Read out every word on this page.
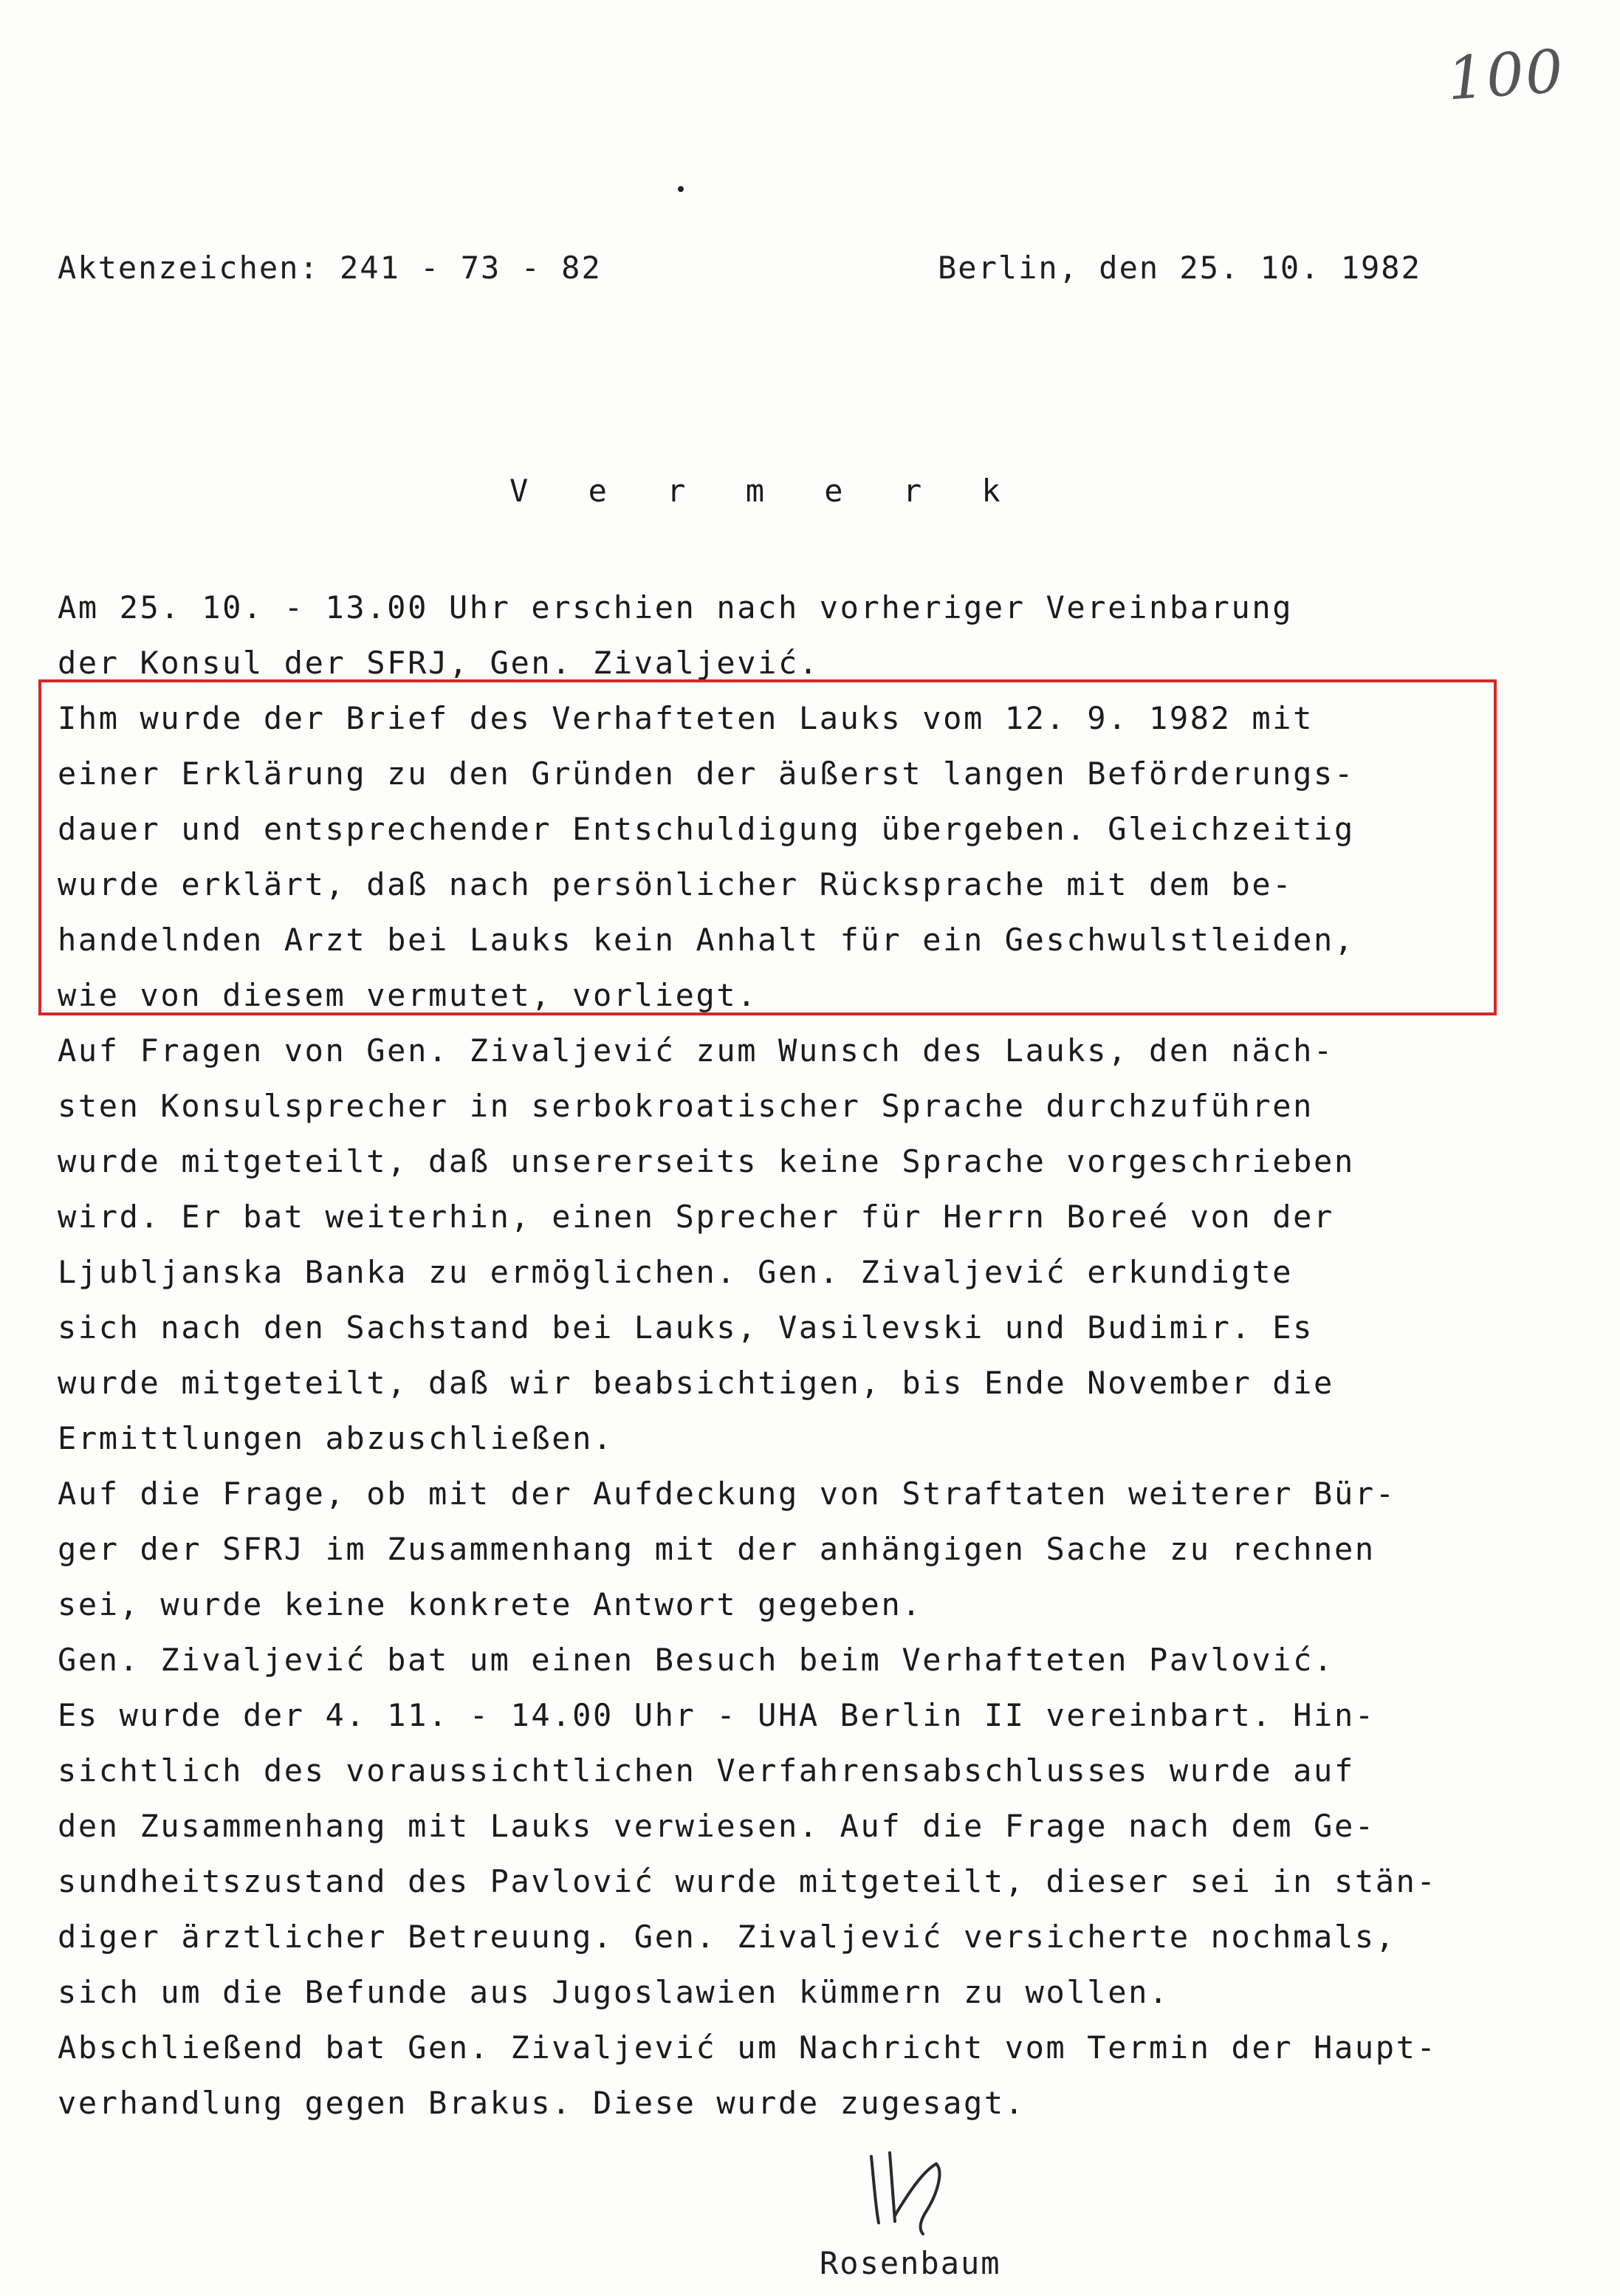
100
Aktenzeichen: 241 - 73 - 82	Berlin, den 25. 10. 1982
V e r m e r k
Am 25. 10. - 13.00 Uhr erschien nach vorheriger Vereinbarung
der Konsul der SFRJ, Gen. Zivaljević.
Ihm wurde der Brief des Verhafteten Lauks vom 12. 9. 1982 mit
einer Erklärung zu den Gründen der äußerst langen Beförderungs-
dauer und entsprechender Entschuldigung übergeben. Gleichzeitig
wurde erklärt, daß nach persönlicher Rücksprache mit dem be-
handelnden Arzt bei Lauks kein Anhalt für ein Geschwulstleiden,
wie von diesem vermutet, vorliegt.
Auf Fragen von Gen. Zivaljević zum Wunsch des Lauks, den näch-
sten Konsulsprecher in serbokroatischer Sprache durchzuführen
wurde mitgeteilt, daß unsererseits keine Sprache vorgeschrieben
wird. Er bat weiterhin, einen Sprecher für Herrn Boreé von der
Ljubljanska Banka zu ermöglichen. Gen. Zivaljević erkundigte
sich nach den Sachstand bei Lauks, Vasilevski und Budimir. Es
wurde mitgeteilt, daß wir beabsichtigen, bis Ende November die
Ermittlungen abzuschließen.
Auf die Frage, ob mit der Aufdeckung von Straftaten weiterer Bür-
ger der SFRJ im Zusammenhang mit der anhängigen Sache zu rechnen
sei, wurde keine konkrete Antwort gegeben.
Gen. Zivaljević bat um einen Besuch beim Verhafteten Pavlović.
Es wurde der 4. 11. - 14.00 Uhr - UHA Berlin II vereinbart. Hin-
sichtlich des voraussichtlichen Verfahrensabschlusses wurde auf
den Zusammenhang mit Lauks verwiesen. Auf die Frage nach dem Ge-
sundheitszustand des Pavlović wurde mitgeteilt, dieser sei in stän-
diger ärztlicher Betreuung. Gen. Zivaljević versicherte nochmals,
sich um die Befunde aus Jugoslawien kümmern zu wollen.
Abschließend bat Gen. Zivaljević um Nachricht vom Termin der Haupt-
verhandlung gegen Brakus. Diese wurde zugesagt.
Rosenbaum
